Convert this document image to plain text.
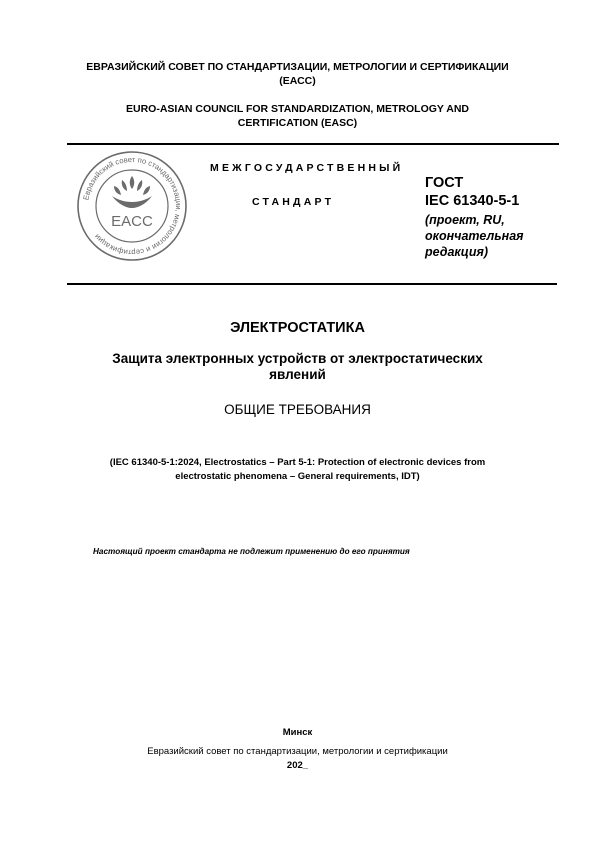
ЕВРАЗИЙСКИЙ СОВЕТ ПО СТАНДАРТИЗАЦИИ, МЕТРОЛОГИИ И СЕРТИФИКАЦИИ
(ЕАСС)
EURO-ASIAN COUNCIL FOR STANDARDIZATION, METROLOGY AND
CERTIFICATION (EASC)
Евразийский совет по стандартизации, метрологии и сертификации
EACC
МЕЖГОСУДАРСТВЕННЫЙ
СТАНДАРТ
ГОСТ
IEC 61340-5-1
(проект, RU,
окончательная
редакция)
ЭЛЕКТРОСТАТИКА
Защита электронных устройств от электростатических
явлений
ОБЩИЕ ТРЕБОВАНИЯ
(IEC 61340-5-1:2024, Electrostatics – Part 5-1: Protection of electronic devices from
electrostatic phenomena – General requirements, IDT)
Настоящий проект стандарта не подлежит применению до его принятия
Минск
Евразийский совет по стандартизации, метрологии и сертификации
202_
